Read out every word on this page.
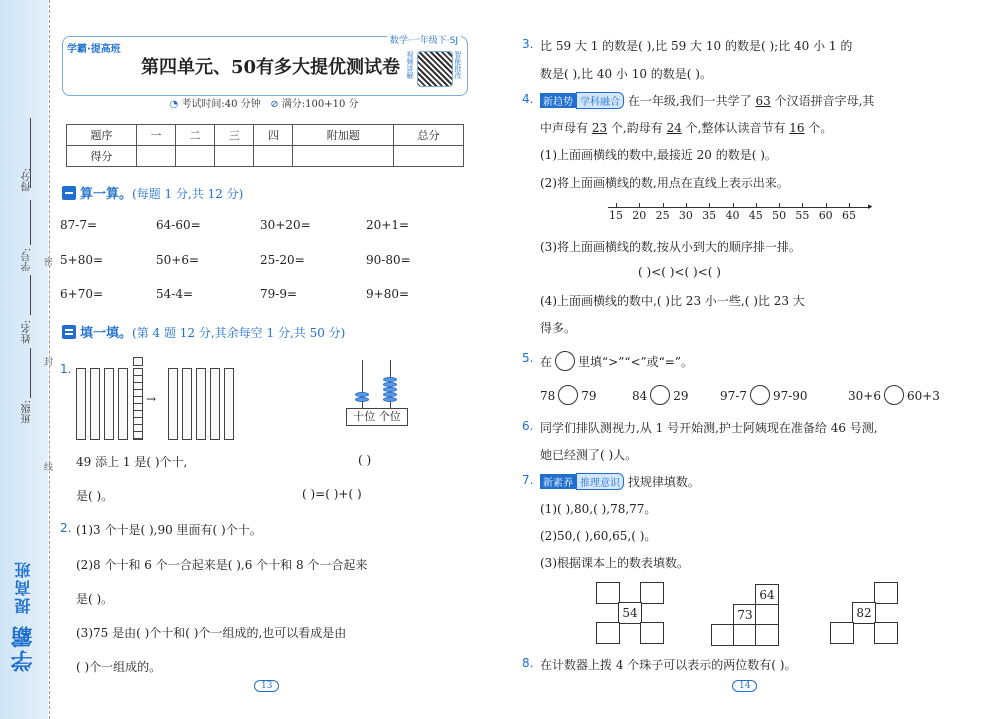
得分:
学号:
姓名:
班级:
密
封
线
学霸 提高班
学霸·提高班
数学·一年级下·SJ
第四单元、50有多大提优测试卷 视频讲解	智能批改
◔ 考试时间:40 分钟 ⊘ 满分:100+10 分
题序	一	二	三	四	附加题	总分
得分						
算一算。(每题 1 分,共 12 分)
87-7=	64-60=	30+20=	20+1=
5+80=	50+6=	25-20=	90-80=
6+70=	54-4=	79-9=	9+80=
填一填。(第 4 题 12 分,其余每空 1 分,共 50 分)
1.
→
十位 个位
49 添上 1 是( )个十,
是( )。
( )
( )=( )+( )
2. (1)3 个十是( ),90 里面有( )个十。
(2)8 个十和 6 个一合起来是( ),6 个十和 8 个一合起来
是( )。
(3)75 是由( )个十和( )个一组成的,也可以看成是由
( )个一组成的。
13
3. 比 59 大 1 的数是( ),比 59 大 10 的数是( );比 40 小 1 的
数是( ),比 40 小 10 的数是( )。
4. 新趋势 学科融合 在一年级,我们一共学了 63 个汉语拼音字母,其
中声母有 23 个,韵母有 24 个,整体认读音节有 16 个。
(1)上面画横线的数中,最接近 20 的数是( )。
(2)将上面画横线的数,用点在直线上表示出来。
▸
15 20 25 30 35 40 45 50 55 60 65
(3)将上面画横线的数,按从小到大的顺序排一排。
( )<( )<( )<( )
(4)上面画横线的数中,( )比 23 小一些,( )比 23 大
得多。
5. 在 里填“>”“<”或“=”。
78 79	84 29	97-7 97-90	30+6 60+3
6. 同学们排队测视力,从 1 号开始测,护士阿姨现在准备给 46 号测,
她已经测了( )人。
7. 新素养 推理意识 找规律填数。
(1)( ),80,( ),78,77。
(2)50,( ),60,65,( )。
(3)根据课本上的数表填数。
54
64
73	82
8. 在计数器上拨 4 个珠子可以表示的两位数有( )。
14
